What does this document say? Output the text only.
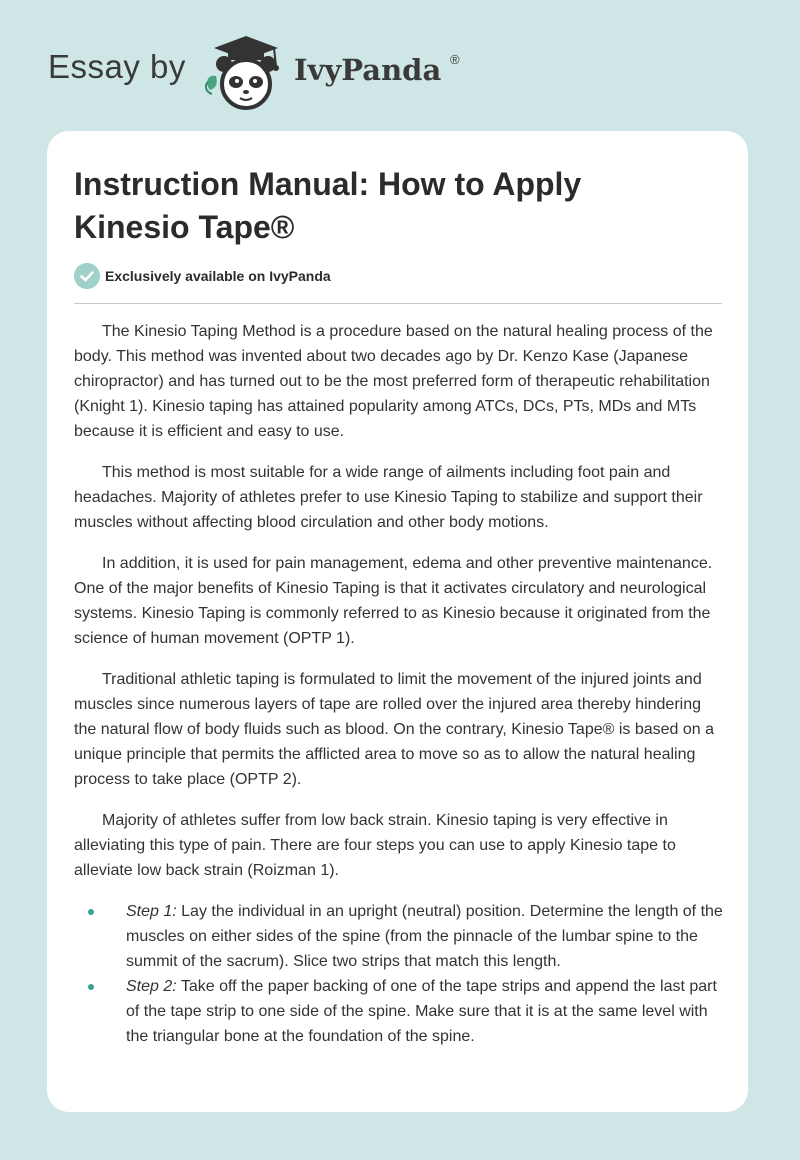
Essay by	IvyPanda ®
Instruction Manual: How to Apply Kinesio Tape®
Exclusively available on IvyPanda

The Kinesio Taping Method is a procedure based on the natural healing process of the body. This method was invented about two decades ago by Dr. Kenzo Kase (Japanese chiropractor) and has turned out to be the most preferred form of therapeutic rehabilitation (Knight 1). Kinesio taping has attained popularity among ATCs, DCs, PTs, MDs and MTs because it is efficient and easy to use.

This method is most suitable for a wide range of ailments including foot pain and headaches. Majority of athletes prefer to use Kinesio Taping to stabilize and support their muscles without affecting blood circulation and other body motions.

In addition, it is used for pain management, edema and other preventive maintenance. One of the major benefits of Kinesio Taping is that it activates circulatory and neurological systems. Kinesio Taping is commonly referred to as Kinesio because it originated from the science of human movement (OPTP 1).

Traditional athletic taping is formulated to limit the movement of the injured joints and muscles since numerous layers of tape are rolled over the injured area thereby hindering the natural flow of body fluids such as blood. On the contrary, Kinesio Tape® is based on a unique principle that permits the afflicted area to move so as to allow the natural healing process to take place (OPTP 2).

Majority of athletes suffer from low back strain. Kinesio taping is very effective in alleviating this type of pain. There are four steps you can use to apply Kinesio tape to alleviate low back strain (Roizman 1).

Step 1: Lay the individual in an upright (neutral) position. Determine the length of the muscles on either sides of the spine (from the pinnacle of the lumbar spine to the summit of the sacrum). Slice two strips that match this length.
Step 2: Take off the paper backing of one of the tape strips and append the last part of the tape strip to one side of the spine. Make sure that it is at the same level with the triangular bone at the foundation of the spine.
